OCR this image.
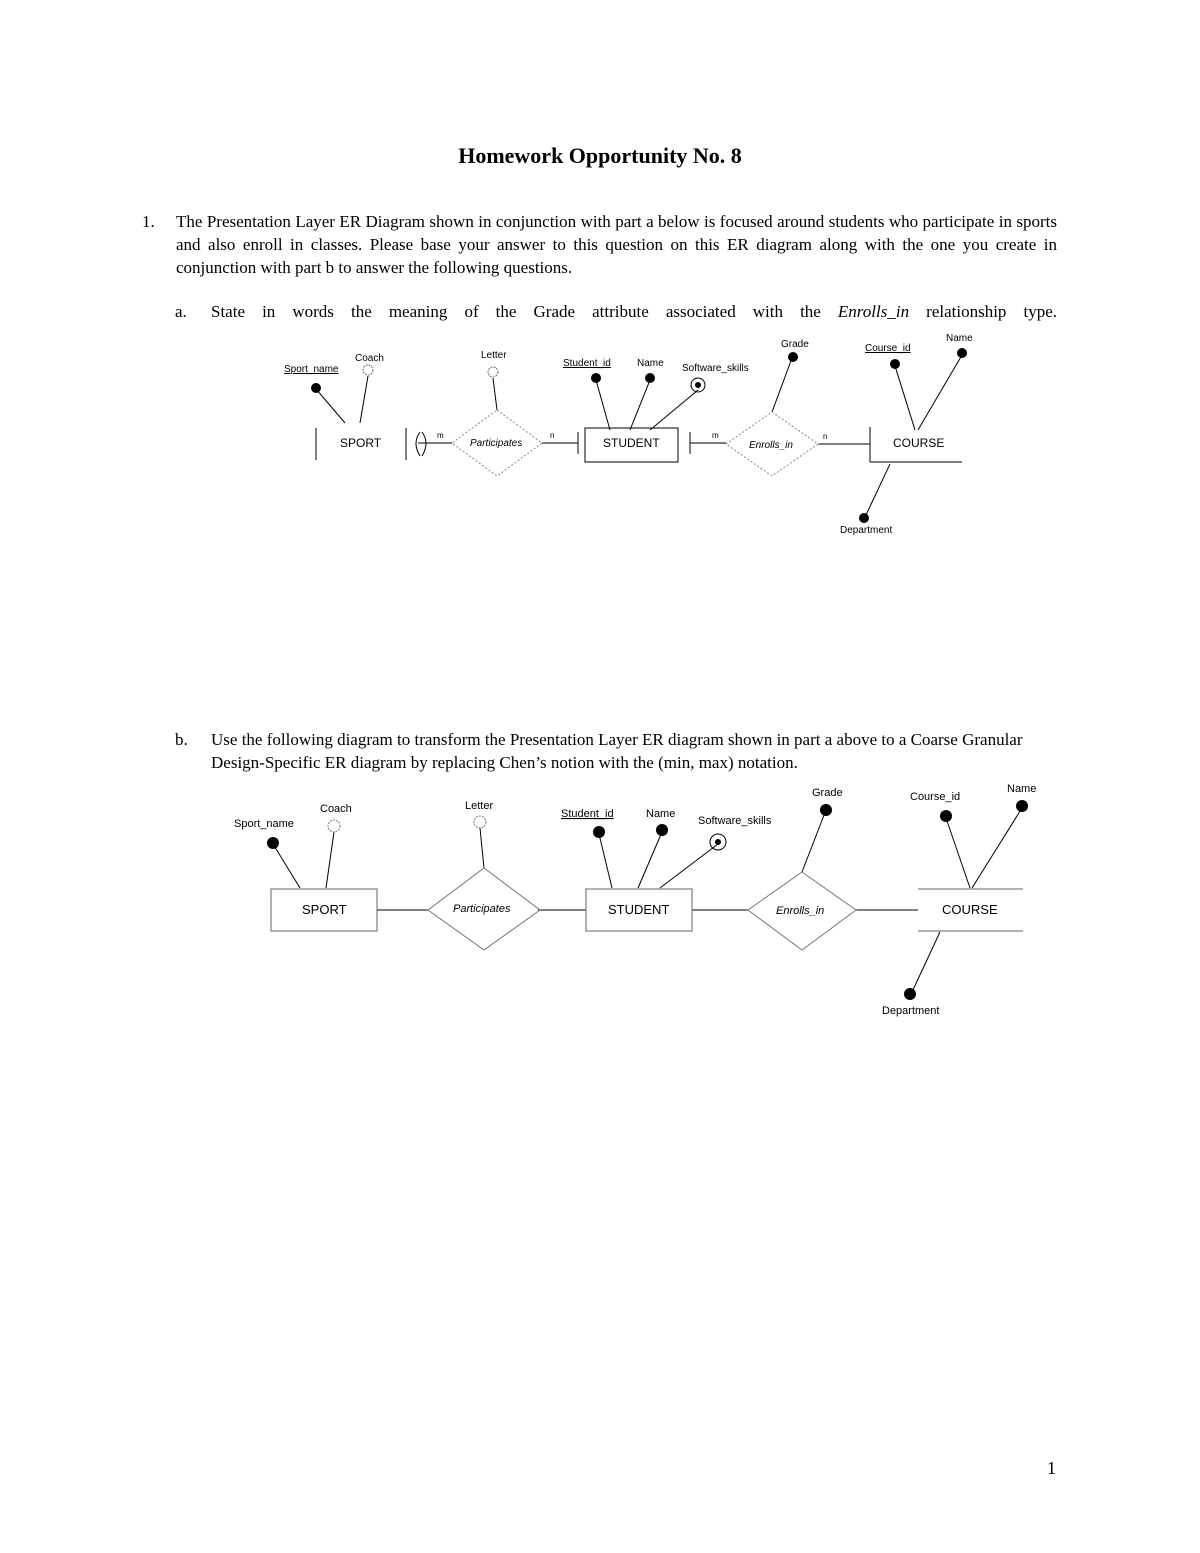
Homework Opportunity No. 8
1. The Presentation Layer ER Diagram shown in conjunction with part a below is focused around students who participate in sports and also enroll in classes. Please base your answer to this question on this ER diagram along with the one you create in conjunction with part b to answer the following questions.
a. State in words the meaning of the Grade attribute associated with the Enrolls_in relationship type.
SPORT	STUDENT	COURSE
Participates	Enrolls_in
Sport_name
Coach	Letter
Student_id	Name Software_skills
Grade	Course_id
Name
Department
m	n	m	n
b. Use the following diagram to transform the Presentation Layer ER diagram shown in part a above to a Coarse Granular Design-Specific ER diagram by replacing Chen’s notion with the (min, max) notation.
SPORT	STUDENT	COURSE
Participates	Enrolls_in
Sport_name
Coach	Letter
Student_id	Name
Software_skills
Grade	Course_id
Name
Department
1
